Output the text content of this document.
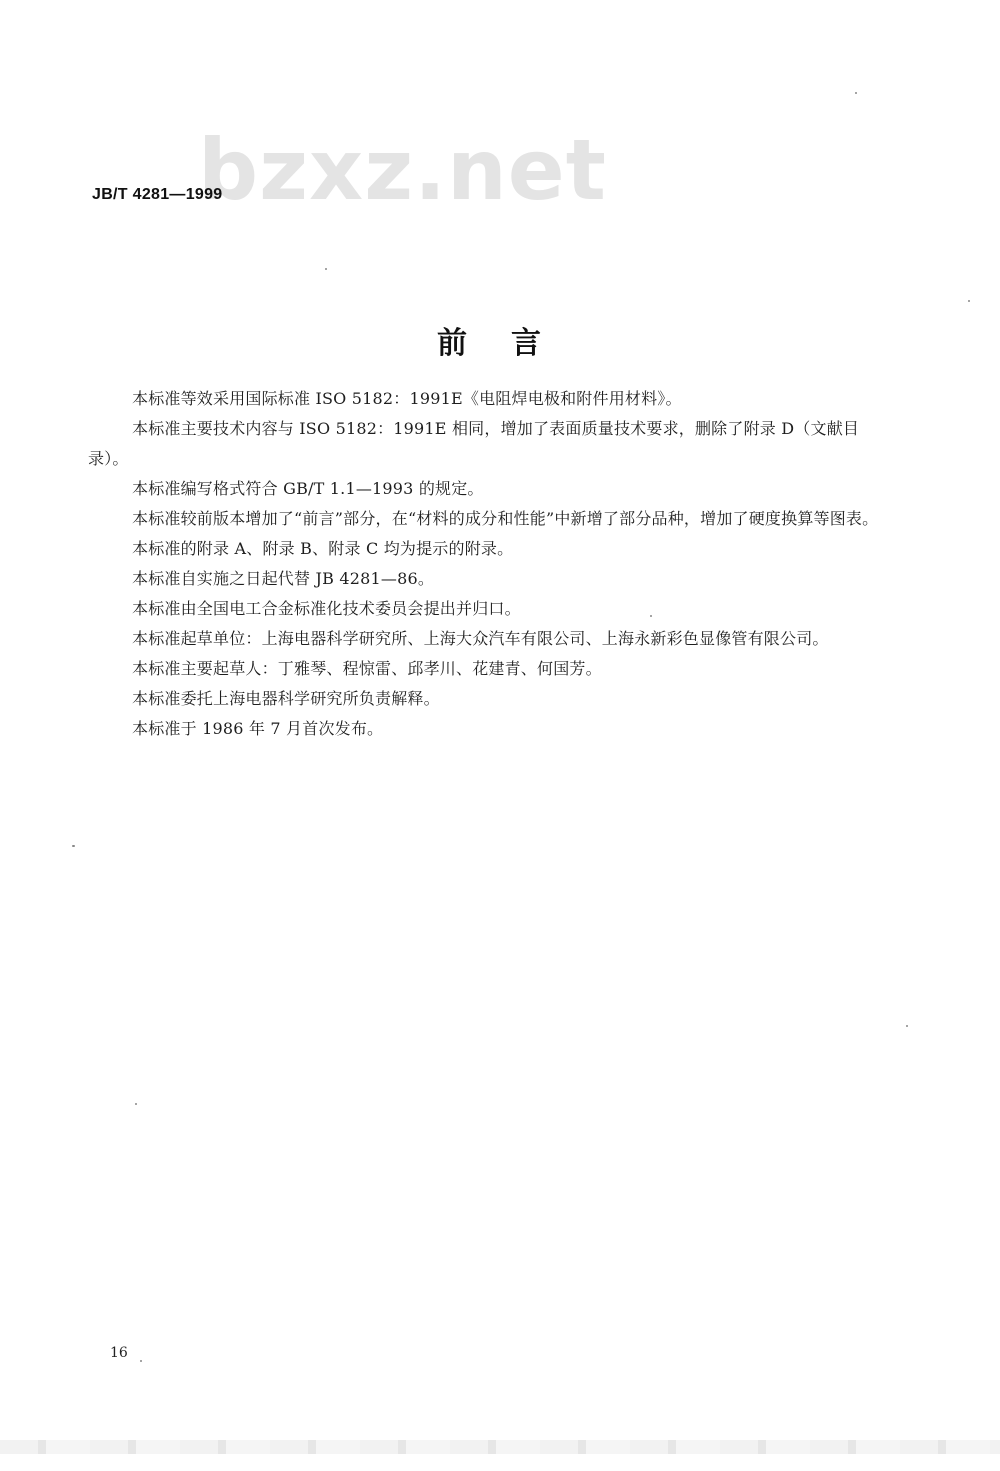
bzxz.net
JB/T 4281—1999
前言

本标准等效采用国际标准 ISO 5182：1991E《电阻焊电极和附件用材料》。

本标准主要技术内容与 ISO 5182：1991E 相同，增加了表面质量技术要求，删除了附录 D（文献目录）。

本标准编写格式符合 GB/T 1.1—1993 的规定。

本标准较前版本增加了“前言”部分，在“材料的成分和性能”中新增了部分品种，增加了硬度换算等图表。

本标准的附录 A、附录 B、附录 C 均为提示的附录。

本标准自实施之日起代替 JB 4281—86。

本标准由全国电工合金标准化技术委员会提出并归口。

本标准起草单位：上海电器科学研究所、上海大众汽车有限公司、上海永新彩色显像管有限公司。

本标准主要起草人：丁雅琴、程惊雷、邱孝川、花建青、何国芳。

本标准委托上海电器科学研究所负责解释。

本标准于 1986 年 7 月首次发布。

16
